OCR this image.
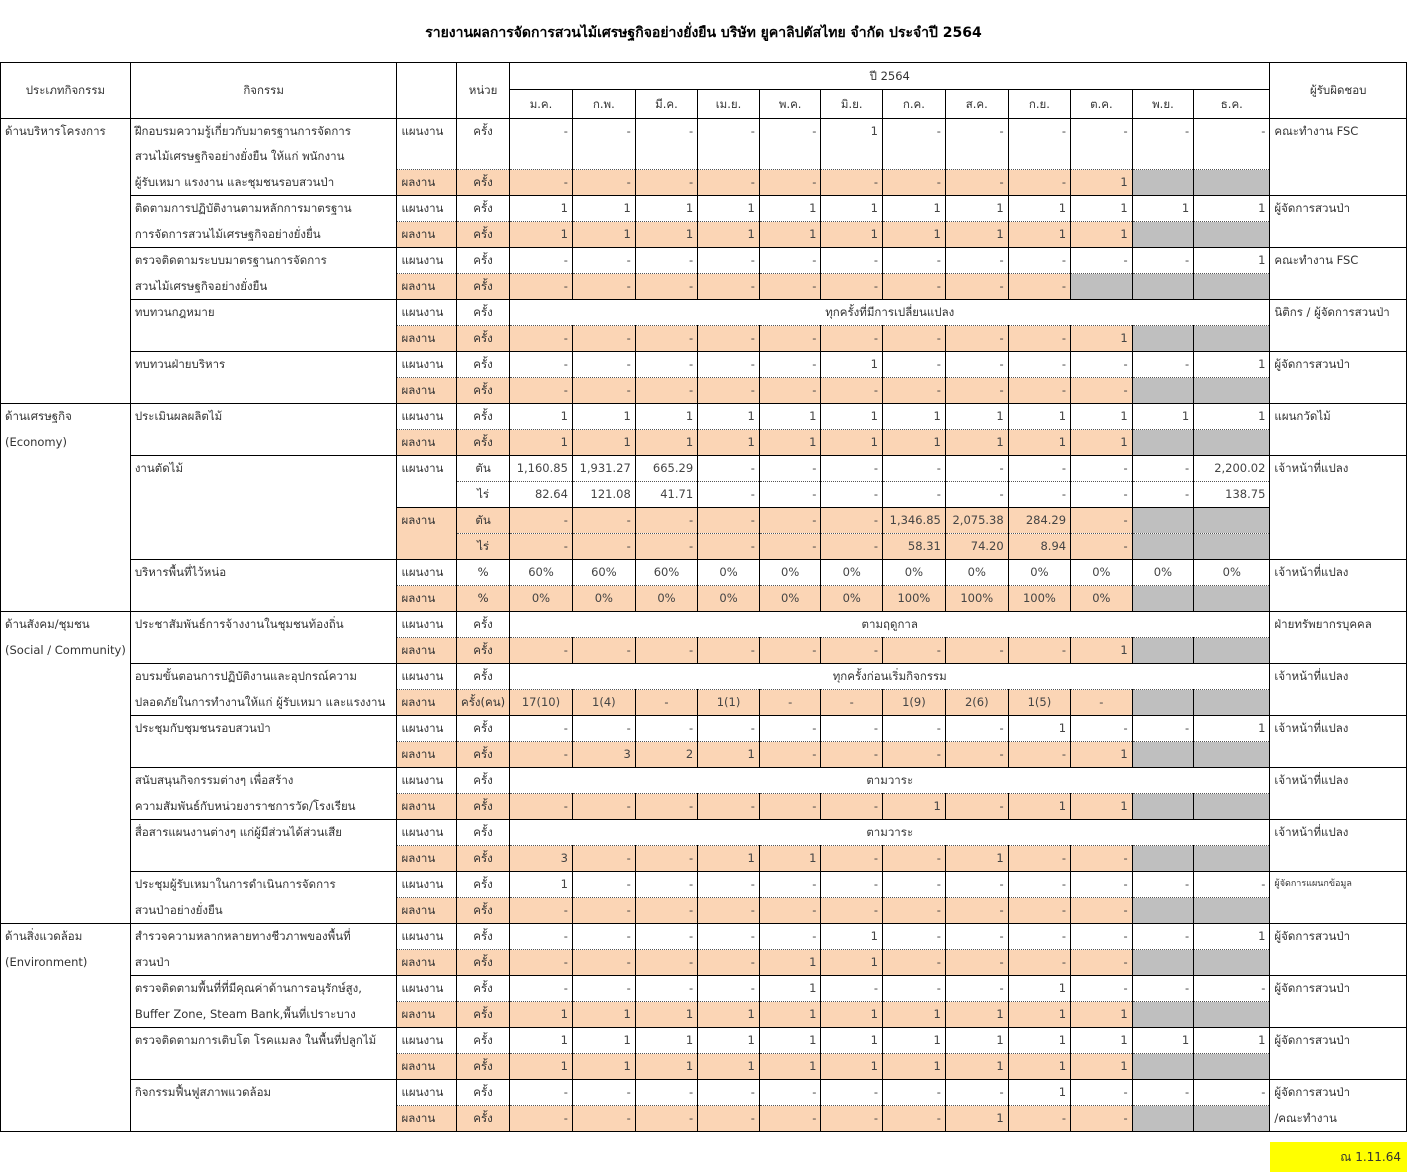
รายงานผลการจัดการสวนไม้เศรษฐกิจอย่างยั่งยืน บริษัท ยูคาลิปตัสไทย จำกัด ประจำปี 2564
ประเภทกิจกรรม	กิจกรรม		หน่วย	ปี 2564												ผู้รับผิดชอบ
				ม.ค.	ก.พ.	มี.ค.	เม.ย.	พ.ค.	มิ.ย.	ก.ค.	ส.ค.	ก.ย.	ต.ค.	พ.ย.	ธ.ค.	
ด้านบริหารโครงการ	ฝึกอบรมความรู้เกี่ยวกับมาตรฐานการจัดการ	แผนงาน	ครั้ง	-	-	-	-	-	1	-	-	-	-	-	-	คณะทำงาน FSC
	สวนไม้เศรษฐกิจอย่างยั่งยืน ให้แก่ พนักงาน															
	ผู้รับเหมา แรงงาน และชุมชนรอบสวนป่า	ผลงาน	ครั้ง	-	-	-	-	-	-	-	-	-	1			
	ติดตามการปฏิบัติงานตามหลักการมาตรฐาน	แผนงาน	ครั้ง	1	1	1	1	1	1	1	1	1	1	1	1	ผู้จัดการสวนป่า
	การจัดการสวนไม้เศรษฐกิจอย่างยั่งยื่น	ผลงาน	ครั้ง	1	1	1	1	1	1	1	1	1	1			
	ตรวจติดตามระบบมาตรฐานการจัดการ	แผนงาน	ครั้ง	-	-	-	-	-	-	-	-	-	-	-	1	คณะทำงาน FSC
	สวนไม้เศรษฐกิจอย่างยั่งยืน	ผลงาน	ครั้ง	-	-	-	-	-	-	-	-	-				
	ทบทวนกฎหมาย	แผนงาน	ครั้ง	ทุกครั้งที่มีการเปลี่ยนแปลง												นิติกร / ผู้จัดการสวนป่า
		ผลงาน	ครั้ง	-	-	-	-	-	-	-	-	-	1			
	ทบทวนฝ่ายบริหาร	แผนงาน	ครั้ง	-	-	-	-	-	1	-	-	-	-	-	1	ผู้จัดการสวนป่า
		ผลงาน	ครั้ง	-	-	-	-	-	-	-	-	-	-			
ด้านเศรษฐกิจ	ประเมินผลผลิตไม้	แผนงาน	ครั้ง	1	1	1	1	1	1	1	1	1	1	1	1	แผนกวัดไม้
(Economy)		ผลงาน	ครั้ง	1	1	1	1	1	1	1	1	1	1			
	งานตัดไม้	แผนงาน	ตัน	1,160.85	1,931.27	665.29	-	-	-	-	-	-	-	-	2,200.02	เจ้าหน้าที่แปลง
			ไร่	82.64	121.08	41.71	-	-	-	-	-	-	-	-	138.75	
		ผลงาน	ตัน	-	-	-	-	-	-	1,346.85	2,075.38	284.29	-			
			ไร่	-	-	-	-	-	-	58.31	74.20	8.94	-			
	บริหารพื้นที่ไว้หน่อ	แผนงาน	%	60%	60%	60%	0%	0%	0%	0%	0%	0%	0%	0%	0%	เจ้าหน้าที่แปลง
		ผลงาน	%	0%	0%	0%	0%	0%	0%	100%	100%	100%	0%			
ด้านสังคม/ชุมชน	ประชาสัมพันธ์การจ้างงานในชุมชนท้องถิ่น	แผนงาน	ครั้ง	ตามฤดูกาล												ฝ่ายทรัพยากรบุคคล
(Social / Community)		ผลงาน	ครั้ง	-	-	-	-	-	-	-	-	-	1			
	อบรมขั้นตอนการปฏิบัติงานและอุปกรณ์ความ	แผนงาน	ครั้ง	ทุกครั้งก่อนเริ่มกิจกรรม												เจ้าหน้าที่แปลง
	ปลอดภัยในการทำงานให้แก่ ผู้รับเหมา และแรงงาน	ผลงาน	ครั้ง(คน)	17(10)	1(4)	-	1(1)	-	-	1(9)	2(6)	1(5)	-			
	ประชุมกับชุมชนรอบสวนป่า	แผนงาน	ครั้ง	-	-	-	-	-	-	-	-	1	-	-	1	เจ้าหน้าที่แปลง
		ผลงาน	ครั้ง	-	3	2	1	-	-	-	-	-	1			
	สนับสนุนกิจกรรมต่างๆ เพื่อสร้าง	แผนงาน	ครั้ง	ตามวาระ												เจ้าหน้าที่แปลง
	ความสัมพันธ์กับหน่วยงาราชการวัด/โรงเรียน	ผลงาน	ครั้ง	-	-	-	-	-	-	1	-	1	1			
	สื่อสารแผนงานต่างๆ แก่ผู้มีส่วนได้ส่วนเสีย	แผนงาน	ครั้ง	ตามวาระ												เจ้าหน้าที่แปลง
		ผลงาน	ครั้ง	3	-	-	1	1	-	-	1	-	-			
	ประชุมผู้รับเหมาในการดำเนินการจัดการ	แผนงาน	ครั้ง	1	-	-	-	-	-	-	-	-	-	-	-	ผู้จัดการแผนกข้อมูล
	สวนป่าอย่างยั่งยืน	ผลงาน	ครั้ง	-	-	-	-	-	-	-	-	-	-			
ด้านสิ่งแวดล้อม	สำรวจความหลากหลายทางชีวภาพของพื้นที่	แผนงาน	ครั้ง	-	-	-	-	-	1	-	-	-	-	-	1	ผู้จัดการสวนป่า
(Environment)	สวนป่า	ผลงาน	ครั้ง	-	-	-	-	1	1	-	-	-	-			
	ตรวจติดตามพื้นที่ที่มีคุณค่าด้านการอนุรักษ์สูง,	แผนงาน	ครั้ง	-	-	-	-	1	-	-	-	1	-	-	-	ผู้จัดการสวนป่า
	Buffer Zone, Steam Bank,พื้นที่เปราะบาง	ผลงาน	ครั้ง	1	1	1	1	1	1	1	1	1	1			
	ตรวจติดตามการเติบโต โรคแมลง ในพื้นที่ปลูกไม้	แผนงาน	ครั้ง	1	1	1	1	1	1	1	1	1	1	1	1	ผู้จัดการสวนป่า
		ผลงาน	ครั้ง	1	1	1	1	1	1	1	1	1	1			
	กิจกรรมฟื้นฟูสภาพแวดล้อม	แผนงาน	ครั้ง	-	-	-	-	-	-	-	-	1	-	-	-	ผู้จัดการสวนป่า
		ผลงาน	ครั้ง	-	-	-	-	-	-	-	1	-	-			/คณะทำงาน
ณ 1.11.64
